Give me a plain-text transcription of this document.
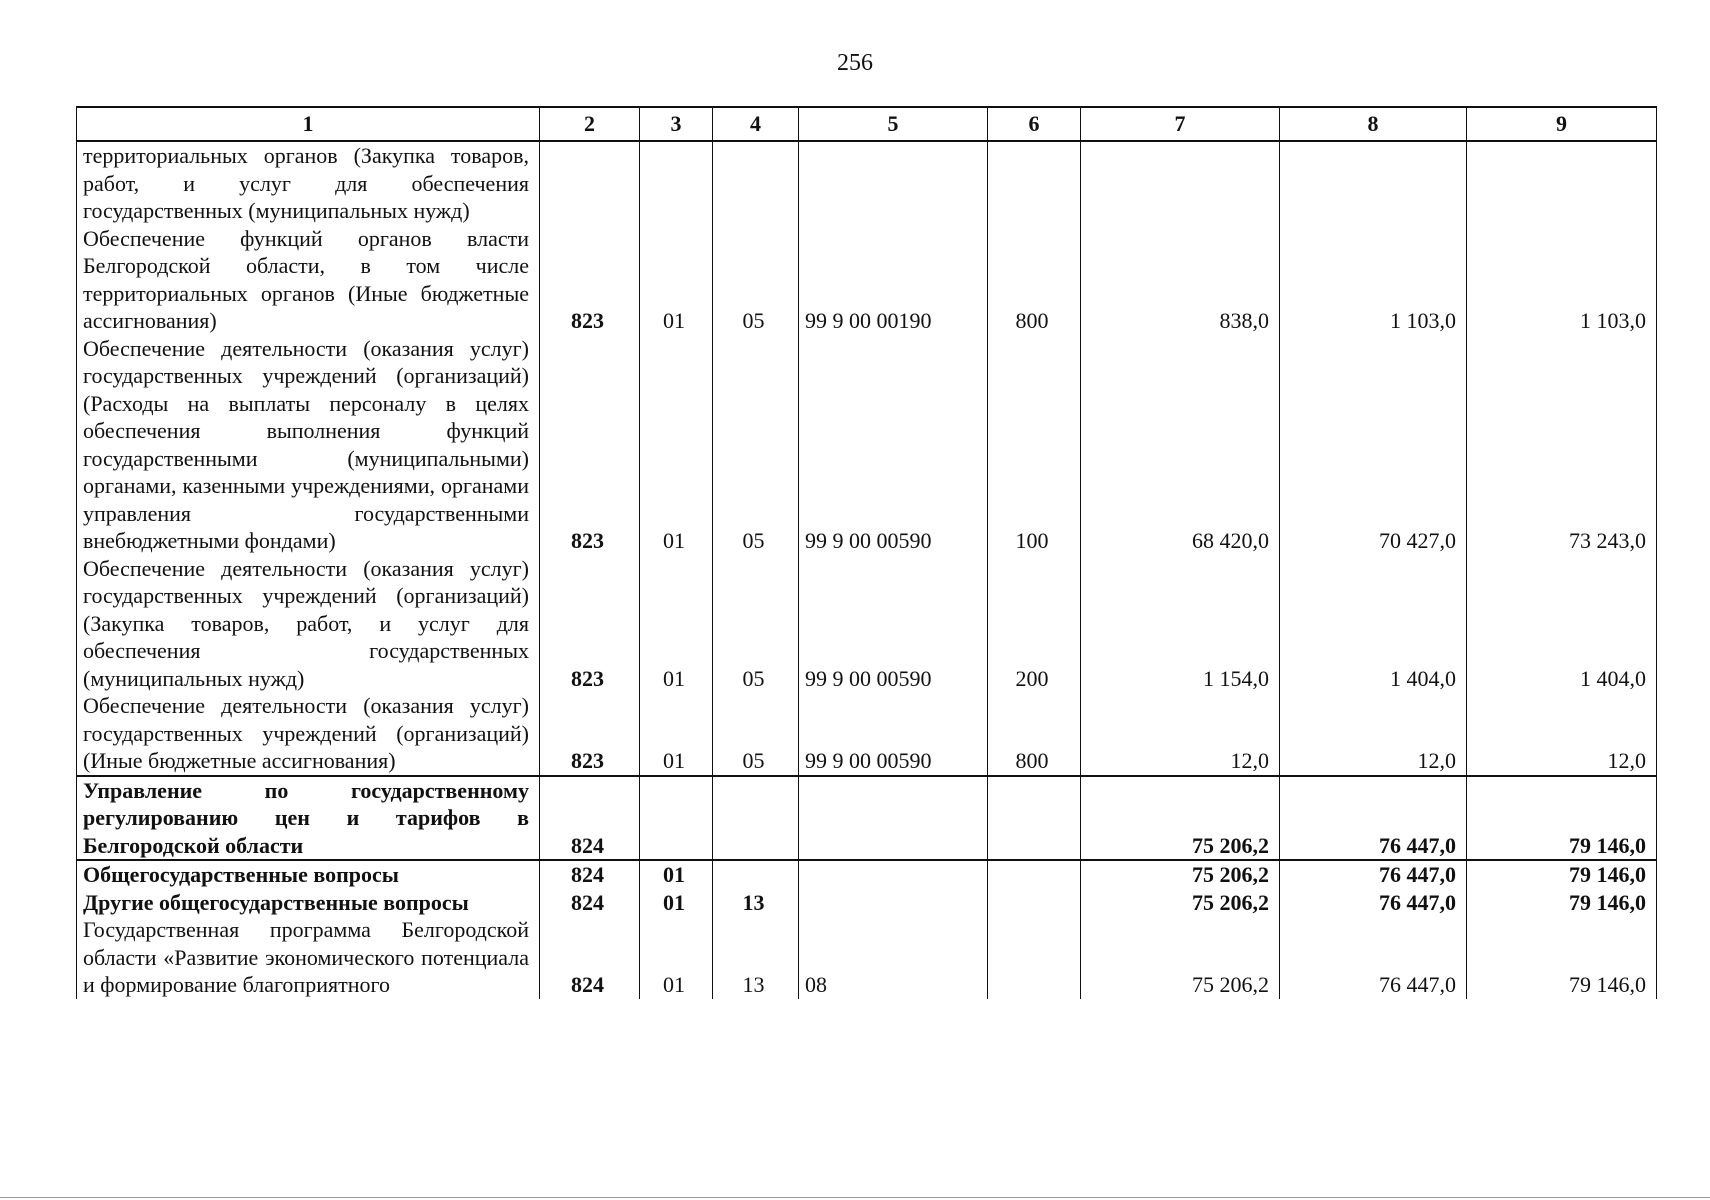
256
1	2	3	4	5	6	7	8	9
территориальных органов (Закупка товаров, работ, и услуг для обеспечения государственных (муниципальных нужд)								
Обеспечение функций органов власти Белгородской области, в том числе территориальных органов (Иные бюджетные ассигнования)	823	01	05	99 9 00 00190	800	838,0	1 103,0	1 103,0
Обеспечение деятельности (оказания услуг) государственных учреждений (организаций) (Расходы на выплаты персоналу в целях обеспечения выполнения функций государственными (муниципальными) органами, казенными учреждениями, органами управления государственными внебюджетными фондами)	823	01	05	99 9 00 00590	100	68 420,0	70 427,0	73 243,0
Обеспечение деятельности (оказания услуг) государственных учреждений (организаций) (Закупка товаров, работ, и услуг для обеспечения государственных (муниципальных нужд)	823	01	05	99 9 00 00590	200	1 154,0	1 404,0	1 404,0
Обеспечение деятельности (оказания услуг) государственных учреждений (организаций) (Иные бюджетные ассигнования)	823	01	05	99 9 00 00590	800	12,0	12,0	12,0
Управление по государственному регулированию цен и тарифов в Белгородской области	824					75 206,2	76 447,0	79 146,0
Общегосударственные вопросы	824	01				75 206,2	76 447,0	79 146,0
Другие общегосударственные вопросы	824	01	13			75 206,2	76 447,0	79 146,0
Государственная программа Белгородской области «Развитие экономического потенциала и формирование благоприятного	824	01	13	08		75 206,2	76 447,0	79 146,0
